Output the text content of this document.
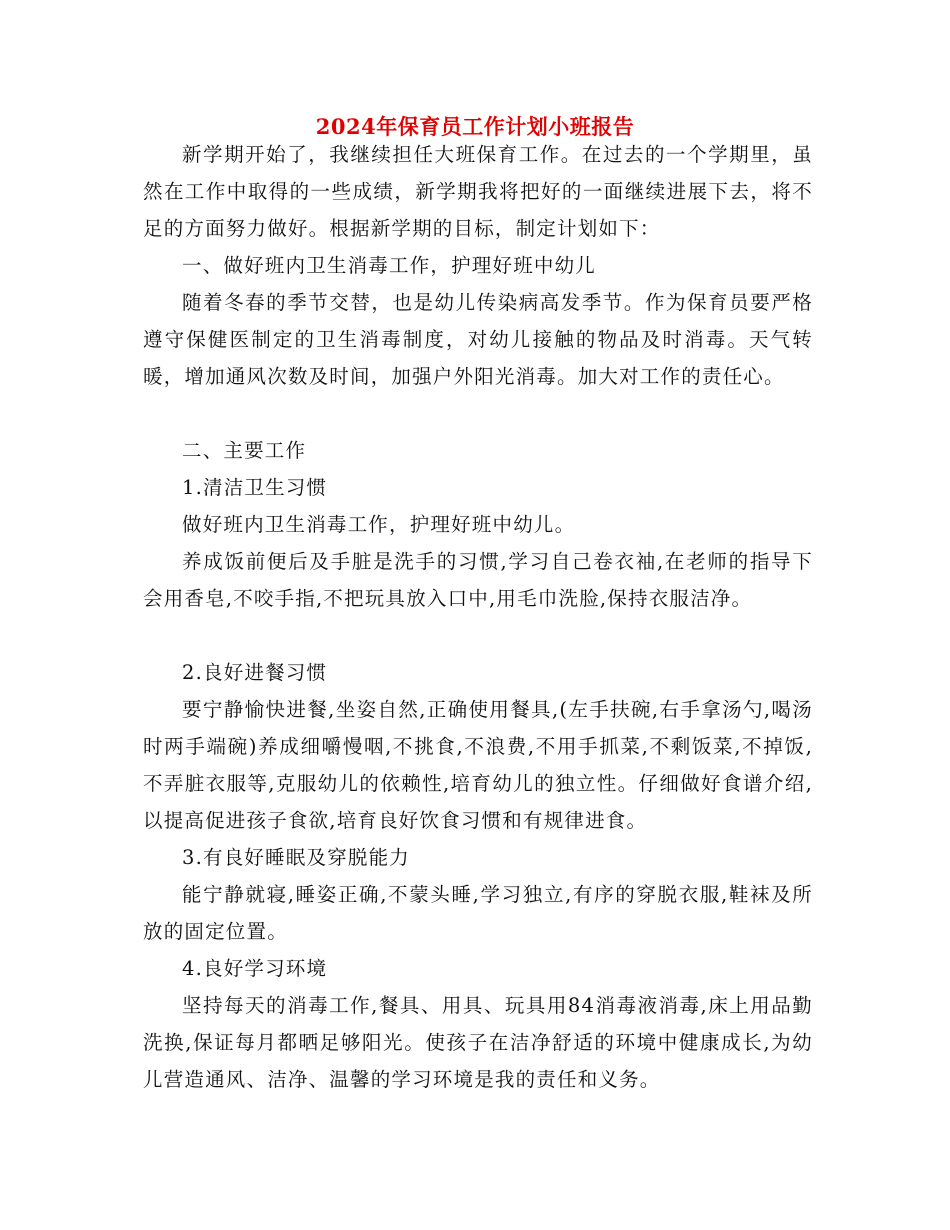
2024年保育员工作计划小班报告

新学期开始了，我继续担任大班保育工作。在过去的一个学期里，虽然在工作中取得的一些成绩，新学期我将把好的一面继续进展下去，将不足的方面努力做好。根据新学期的目标，制定计划如下：

一、做好班内卫生消毒工作，护理好班中幼儿

随着冬春的季节交替，也是幼儿传染病高发季节。作为保育员要严格遵守保健医制定的卫生消毒制度，对幼儿接触的物品及时消毒。天气转暖，增加通风次数及时间，加强户外阳光消毒。加大对工作的责任心。

二、主要工作

1.清洁卫生习惯

做好班内卫生消毒工作，护理好班中幼儿。

养成饭前便后及手脏是洗手的习惯,学习自己卷衣袖,在老师的指导下会用香皂,不咬手指,不把玩具放入口中,用毛巾洗脸,保持衣服洁净。

2.良好进餐习惯

要宁静愉快进餐,坐姿自然,正确使用餐具,(左手扶碗,右手拿汤勺,喝汤时两手端碗)养成细嚼慢咽,不挑食,不浪费,不用手抓菜,不剩饭菜,不掉饭,不弄脏衣服等,克服幼儿的依赖性,培育幼儿的独立性。仔细做好食谱介绍,以提高促进孩子食欲,培育良好饮食习惯和有规律进食。

3.有良好睡眠及穿脱能力

能宁静就寝,睡姿正确,不蒙头睡,学习独立,有序的穿脱衣服,鞋袜及所放的固定位置。

4.良好学习环境

坚持每天的消毒工作,餐具、用具、玩具用84消毒液消毒,床上用品勤洗换,保证每月都晒足够阳光。使孩子在洁净舒适的环境中健康成长,为幼儿营造通风、洁净、温馨的学习环境是我的责任和义务。
